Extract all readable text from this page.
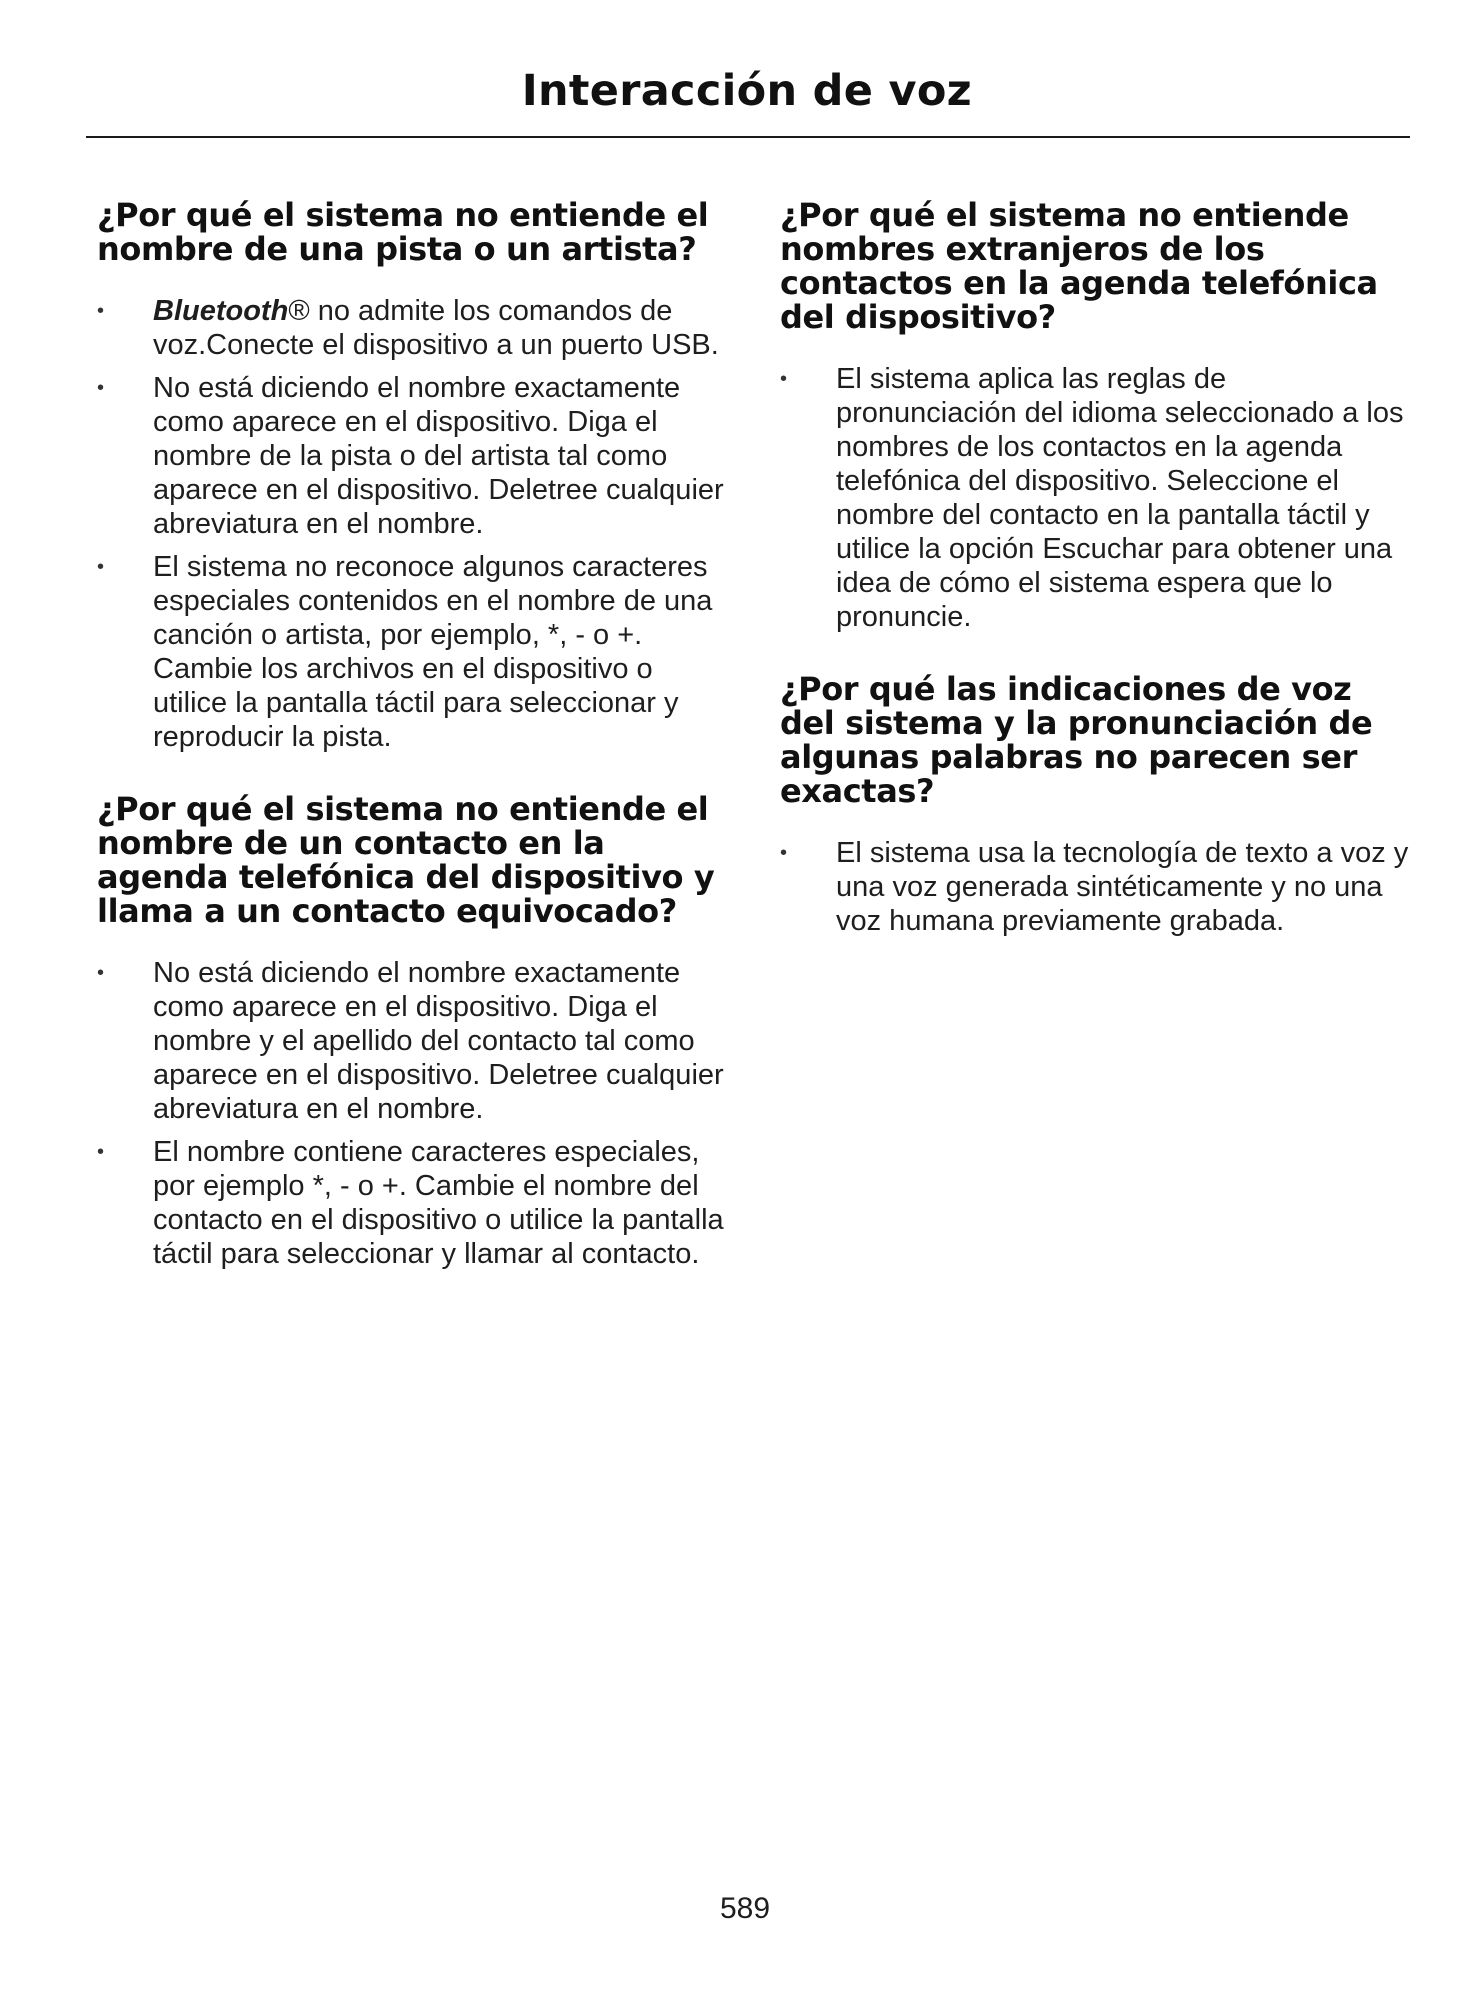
Interacción de voz
¿Por qué el sistema no entiende el nombre de una pista o un artista?
•	Bluetooth® no admite los comandos de voz.Conecte el dispositivo a un puerto USB.
•	No está diciendo el nombre exactamente como aparece en el dispositivo. Diga el nombre de la pista o del artista tal como aparece en el dispositivo. Deletree cualquier abreviatura en el nombre.
•	El sistema no reconoce algunos caracteres especiales contenidos en el nombre de una canción o artista, por ejemplo, *, - o +. Cambie los archivos en el dispositivo o utilice la pantalla táctil para seleccionar y reproducir la pista.
¿Por qué el sistema no entiende el nombre de un contacto en la agenda telefónica del dispositivo y llama a un contacto equivocado?
•	No está diciendo el nombre exactamente como aparece en el dispositivo. Diga el nombre y el apellido del contacto tal como aparece en el dispositivo. Deletree cualquier abreviatura en el nombre.
•	El nombre contiene caracteres especiales, por ejemplo *, - o +. Cambie el nombre del contacto en el dispositivo o utilice la pantalla táctil para seleccionar y llamar al contacto.
¿Por qué el sistema no entiende nombres extranjeros de los contactos en la agenda telefónica del dispositivo?
•	El sistema aplica las reglas de pronunciación del idioma seleccionado a los nombres de los contactos en la agenda telefónica del dispositivo. Seleccione el nombre del contacto en la pantalla táctil y utilice la opción Escuchar para obtener una idea de cómo el sistema espera que lo pronuncie.
¿Por qué las indicaciones de voz del sistema y la pronunciación de algunas palabras no parecen ser exactas?
•	El sistema usa la tecnología de texto a voz y una voz generada sintéticamente y no una voz humana previamente grabada.
589
